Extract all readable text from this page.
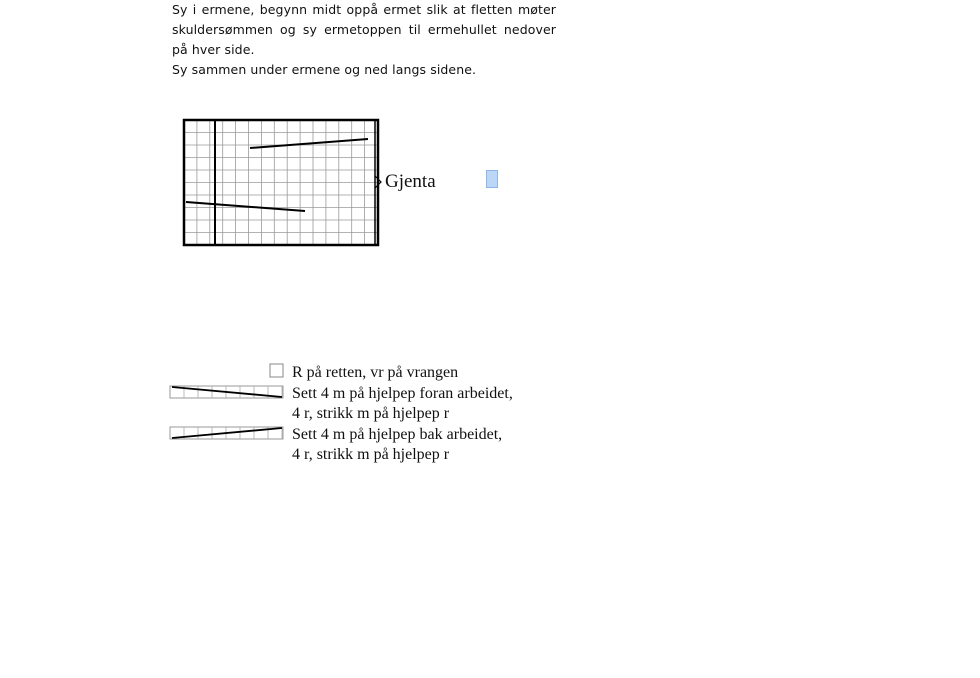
Sy i ermene, begynn midt oppå ermet slik at fletten møter

skuldersømmen og sy ermetoppen til ermehullet nedover

på hver side.

Sy sammen under ermene og ned langs sidene.

Gjenta
R på retten, vr på vrangen
Sett 4 m på hjelpep foran arbeidet,
4 r, strikk m på hjelpep r
Sett 4 m på hjelpep bak arbeidet,
4 r, strikk m på hjelpep r
